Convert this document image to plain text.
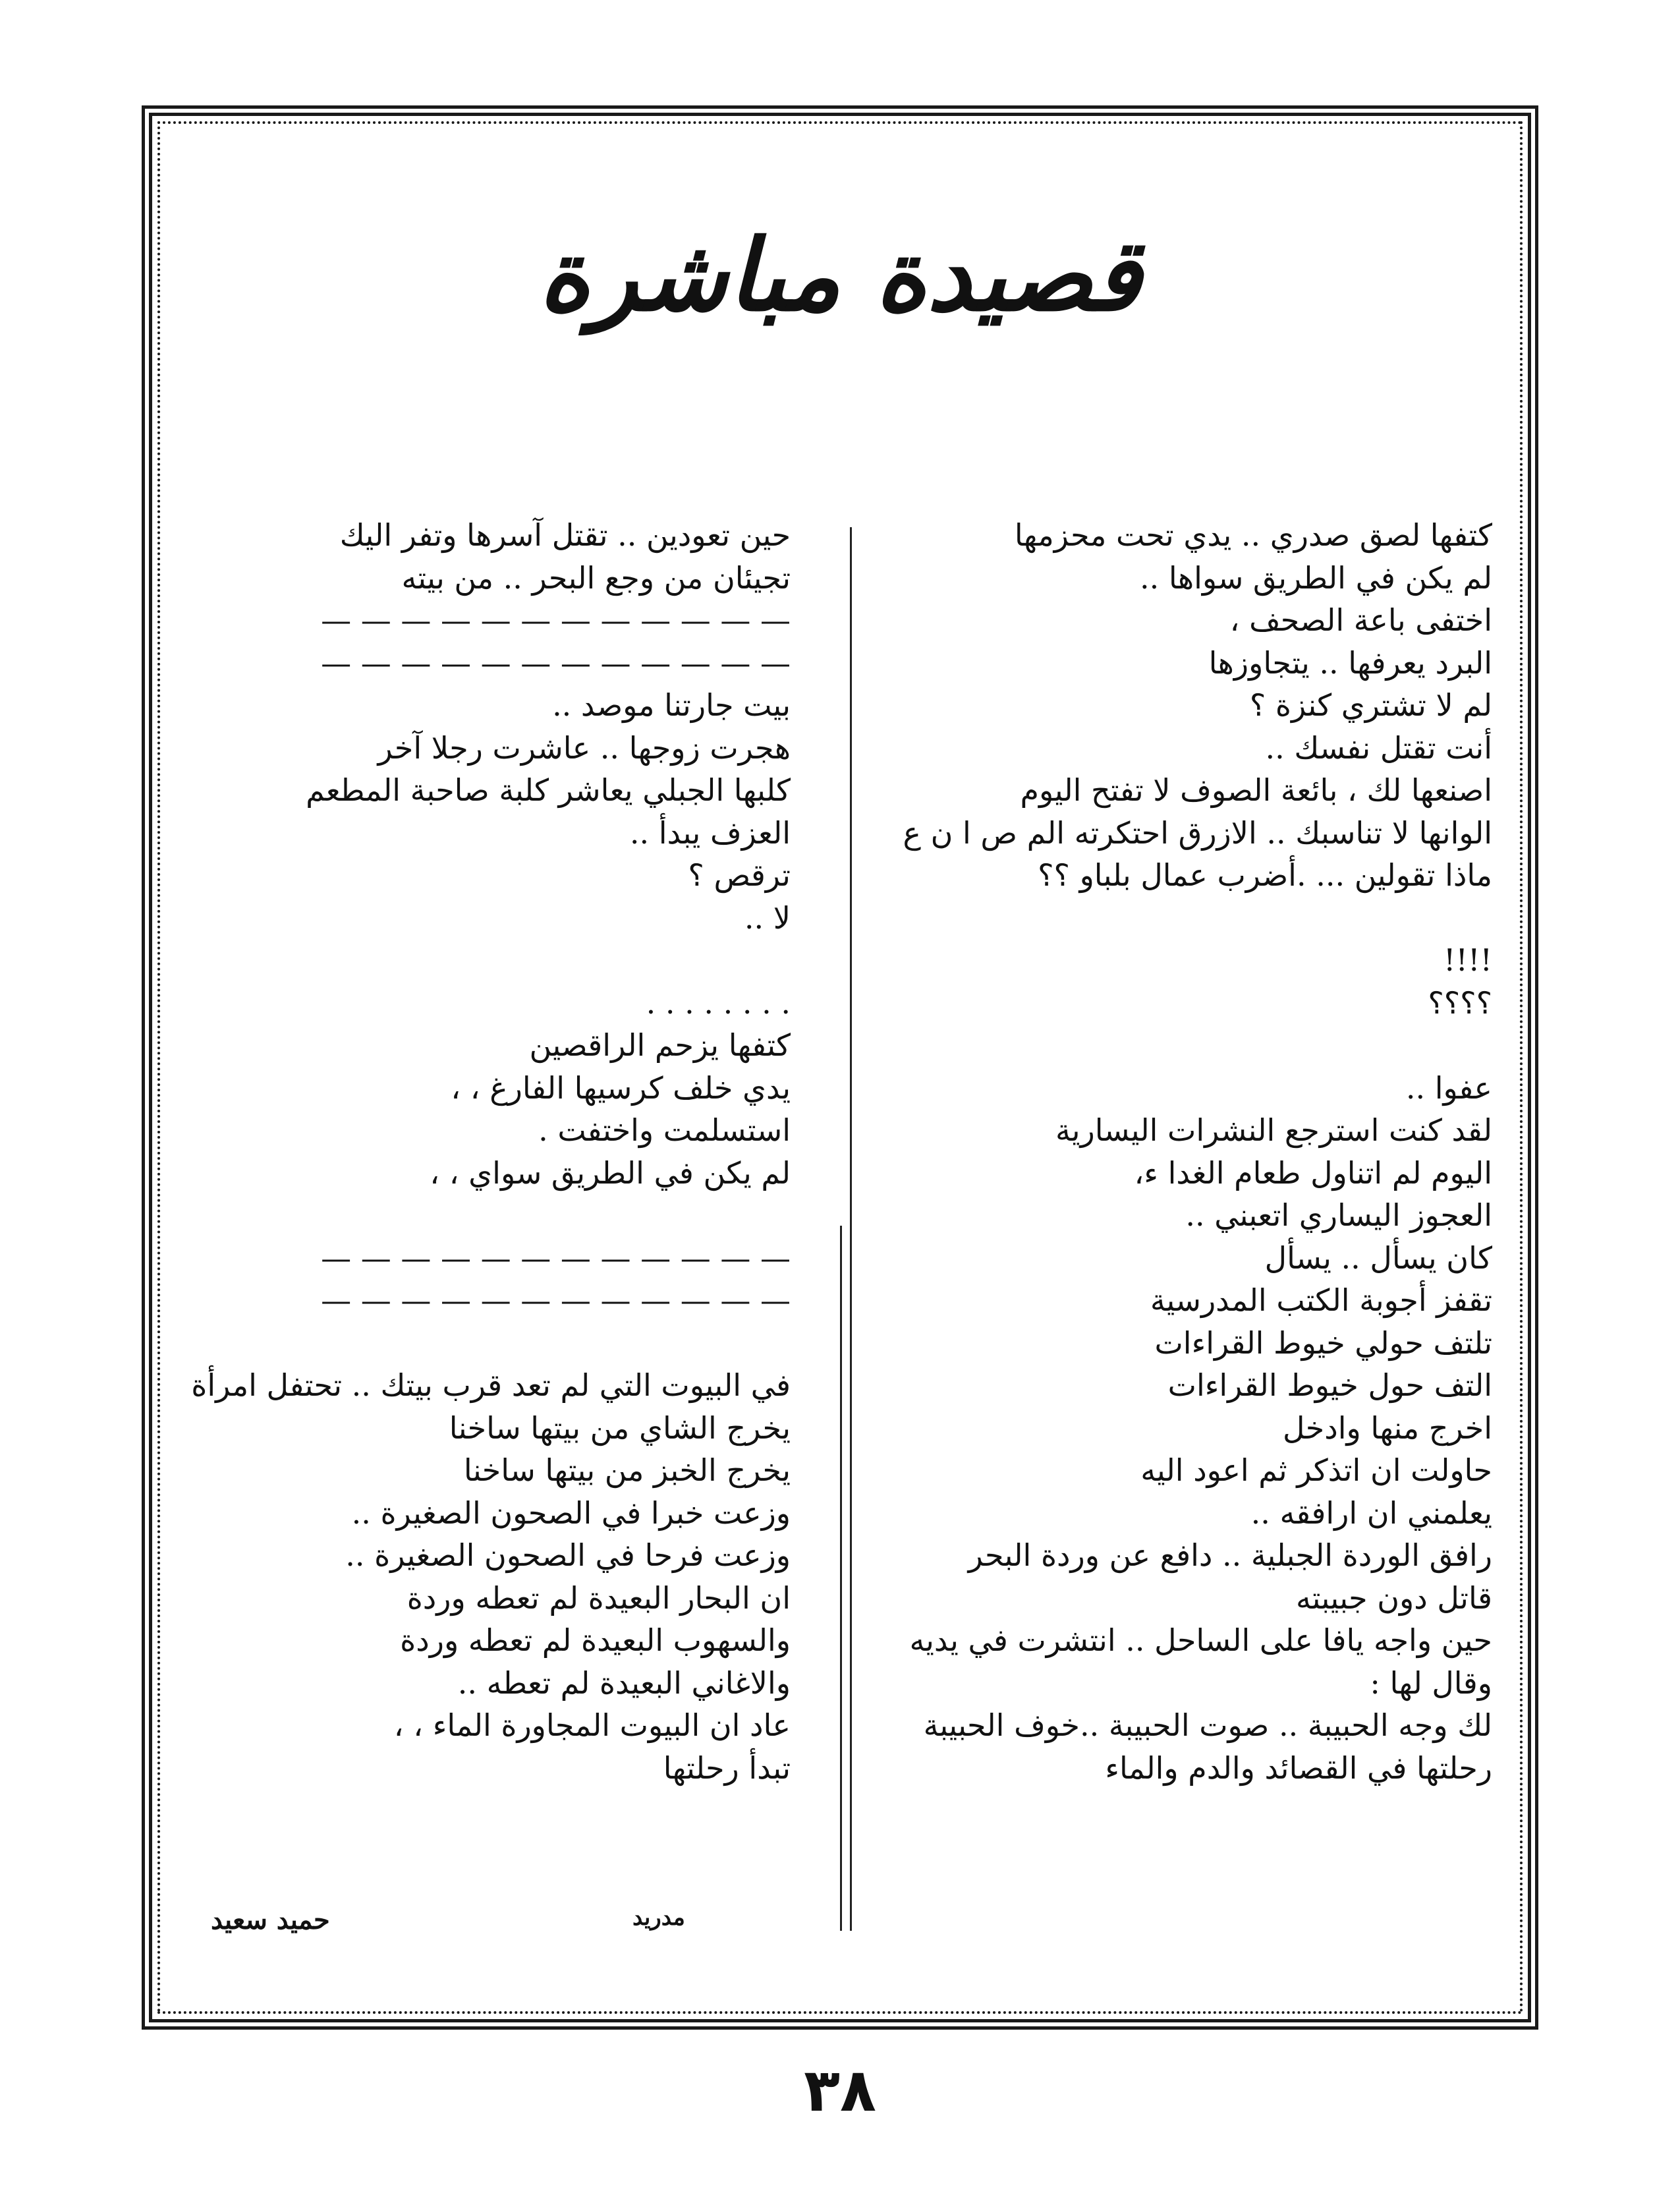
قصيدة مباشرة
كتفها لصق صدري .. يدي تحت محزمها
لم يكن في الطريق سواها ..
اختفى باعة الصحف ،
البرد يعرفها .. يتجاوزها
لم لا تشتري كنزة ؟
أنت تقتل نفسك ..
اصنعها لك ، بائعة الصوف لا تفتح اليوم
الوانها لا تناسبك .. الازرق احتكرته الم ص ا ن ع
ماذا تقولين ... .أضرب عمال بلباو ؟؟
!!!!
؟؟؟؟
عفوا ..
لقد كنت استرجع النشرات اليسارية
اليوم لم اتناول طعام الغدا ء،
العجوز اليساري اتعبني ..
كان يسأل .. يسأل
تقفز أجوبة الكتب المدرسية
تلتف حولي خيوط القراءات
التف حول خيوط القراءات
اخرج منها وادخل
حاولت ان اتذكر ثم اعود اليه
يعلمني ان ارافقه ..
رافق الوردة الجبلية .. دافع عن وردة البحر
قاتل دون جبيبته
حين واجه يافا على الساحل .. انتشرت في يديه
وقال لها :
لك وجه الحبيبة .. صوت الحبيبة ..خوف الحبيبة
رحلتها في القصائد والدم والماء
حين تعودين .. تقتل آسرها وتفر اليك
تجيئان من وجع البحر .. من بيته
— — — — — — — — — — — —
— — — — — — — — — — — —
بيت جارتنا موصد ..
هجرت زوجها .. عاشرت رجلا آخر
كلبها الجبلي يعاشر كلبة صاحبة المطعم
العزف يبدأ ..
ترقص ؟
لا ..
. . . . . . . .
كتفها يزحم الراقصين
يدي خلف كرسيها الفارغ ، ،
استسلمت واختفت .
لم يكن في الطريق سواي ، ،
— — — — — — — — — — — —
— — — — — — — — — — — —
في البيوت التي لم تعد قرب بيتك .. تحتفل امرأة
يخرج الشاي من بيتها ساخنا
يخرج الخبز من بيتها ساخنا
وزعت خبرا في الصحون الصغيرة ..
وزعت فرحا في الصحون الصغيرة ..
ان البحار البعيدة لم تعطه وردة
والسهوب البعيدة لم تعطه وردة
والاغاني البعيدة لم تعطه ..
عاد ان البيوت المجاورة الماء ، ،
تبدأ رحلتها
مدريد
حميد سعيد
٣٨
